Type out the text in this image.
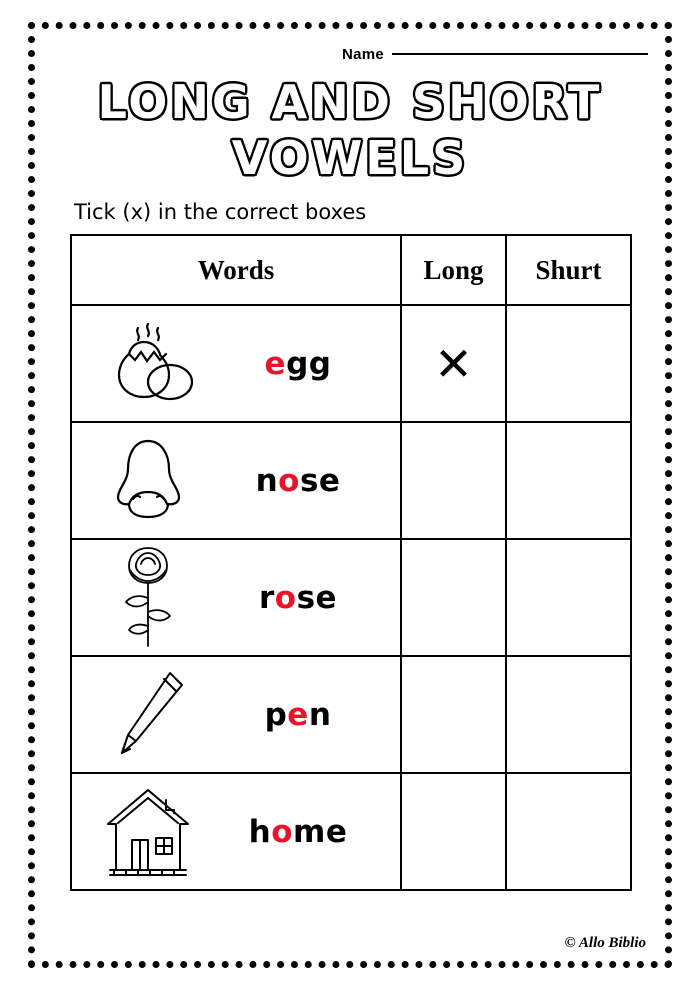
Name
LONG AND SHORT
VOWELS
Tick (x) in the correct boxes
Words	Long	Shurt

egg	✕	

nose		

rose		

pen		

home		

© Allo Biblio
